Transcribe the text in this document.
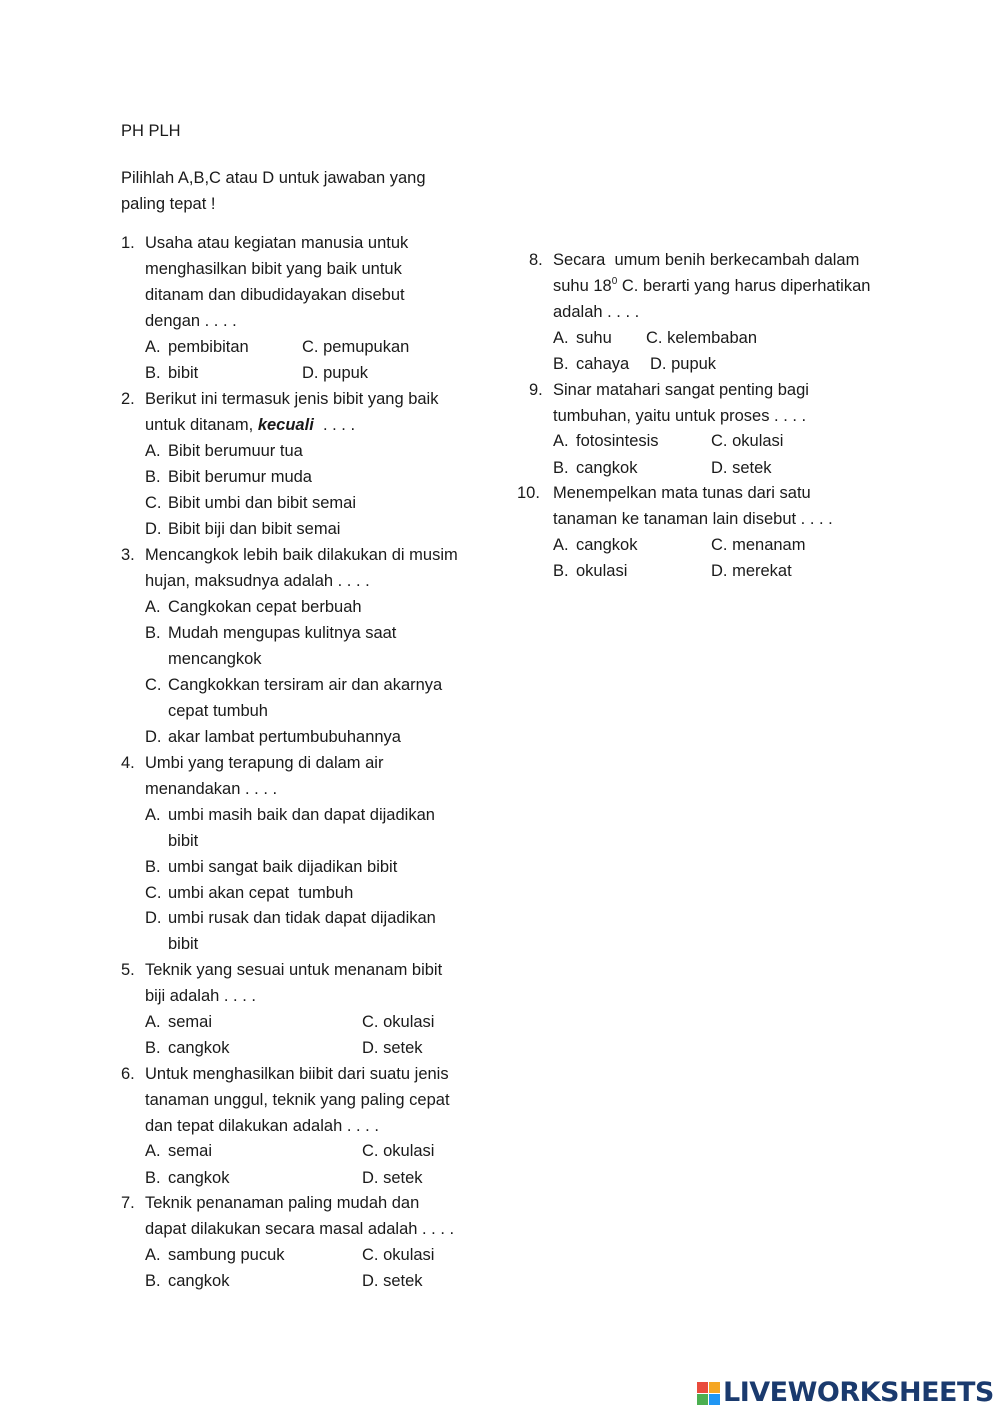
PH PLH
Pilihlah A,B,C atau D untuk jawaban yang
paling tepat !
1. Usaha atau kegiatan manusia untuk
menghasilkan bibit yang baik untuk
ditanam dan dibudidayakan disebut
dengan . . . .
A. pembibitan	C. pemupukan
B. bibit	D. pupuk
2. Berikut ini termasuk jenis bibit yang baik
untuk ditanam, kecuali  . . . .
A. Bibit berumuur tua
B. Bibit berumur muda
C. Bibit umbi dan bibit semai
D. Bibit biji dan bibit semai
3. Mencangkok lebih baik dilakukan di musim
hujan, maksudnya adalah . . . .
A. Cangkokan cepat berbuah
B. Mudah mengupas kulitnya saat
mencangkok
C. Cangkokkan tersiram air dan akarnya
cepat tumbuh
D. akar lambat pertumbubuhannya
4. Umbi yang terapung di dalam air
menandakan . . . .
A. umbi masih baik dan dapat dijadikan
bibit
B. umbi sangat baik dijadikan bibit
C. umbi akan cepat  tumbuh
D. umbi rusak dan tidak dapat dijadikan
bibit
5. Teknik yang sesuai untuk menanam bibit
biji adalah . . . .
A. semai	C. okulasi
B. cangkok	D. setek
6. Untuk menghasilkan biibit dari suatu jenis
tanaman unggul, teknik yang paling cepat
dan tepat dilakukan adalah . . . .
A. semai	C. okulasi
B. cangkok	D. setek
7. Teknik penanaman paling mudah dan
dapat dilakukan secara masal adalah . . . .
A. sambung pucuk	C. okulasi
B. cangkok	D. setek
8. Secara  umum benih berkecambah dalam
suhu $18^0$ C. berarti yang harus diperhatikan
adalah . . . .
A. suhu C. kelembaban
B. cahaya D. pupuk
9. Sinar matahari sangat penting bagi
tumbuhan, yaitu untuk proses . . . .
A. fotosintesis	C. okulasi
B. cangkok	D. setek
10. Menempelkan mata tunas dari satu
tanaman ke tanaman lain disebut . . . .
A. cangkok	C. menanam
B. okulasi	D. merekat
LIVEWORKSHEETS
